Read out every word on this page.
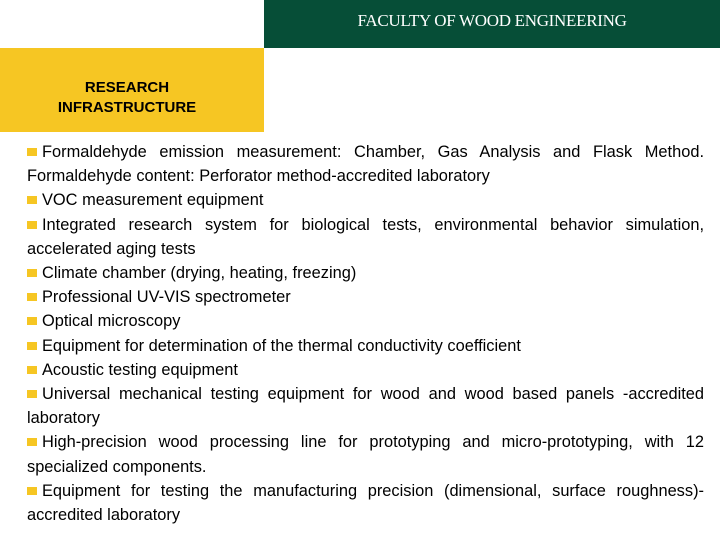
FACULTY OF WOOD ENGINEERING
RESEARCH
INFRASTRUCTURE
Formaldehyde emission measurement: Chamber, Gas Analysis and Flask Method. Formaldehyde content: Perforator method-accredited laboratory
VOC measurement equipment
Integrated research system for biological tests, environmental behavior simulation, accelerated aging tests
Climate chamber (drying, heating, freezing)
Professional UV-VIS spectrometer
Optical microscopy
Equipment for determination of the thermal conductivity coefficient
Acoustic testing equipment
Universal mechanical testing equipment for wood and wood based panels -accredited laboratory
High-precision wood processing line for prototyping and micro-prototyping, with 12 specialized components.
Equipment for testing the manufacturing precision (dimensional, surface roughness)-accredited laboratory
